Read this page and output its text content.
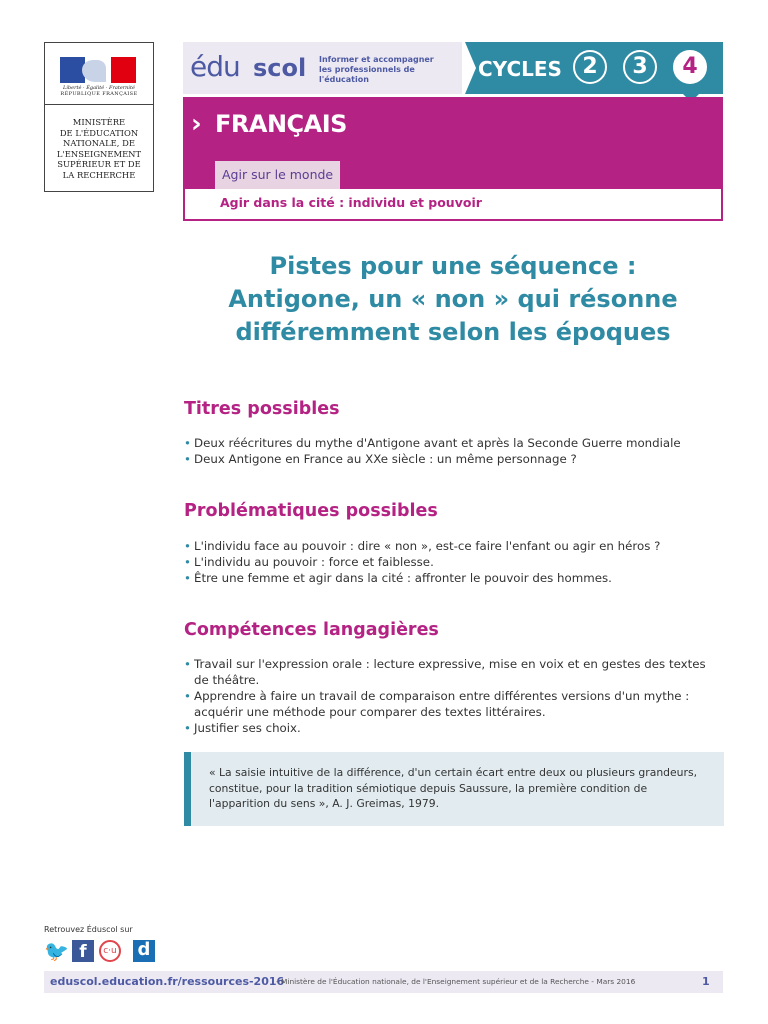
Liberté · Égalité · Fraternité
RÉPUBLIQUE FRANÇAISE
MINISTÈRE
DE L'ÉDUCATION
NATIONALE, DE
L'ENSEIGNEMENT
SUPÉRIEUR ET DE
LA RECHERCHE
édu scol Informer et accompagner
les professionnels de l'éducation	CYCLES 2	3	4
› FRANÇAIS
Agir sur le monde
Agir dans la cité : individu et pouvoir
Pistes pour une séquence :
Antigone, un « non » qui résonne
différemment selon les époques
Titres possibles
• Deux réécritures du mythe d'Antigone avant et après la Seconde Guerre mondiale
• Deux Antigone en France au XXe siècle : un même personnage ?
Problématiques possibles
• L'individu face au pouvoir : dire « non », est-ce faire l'enfant ou agir en héros ?
• L'individu au pouvoir : force et faiblesse.
• Être une femme et agir dans la cité : affronter le pouvoir des hommes.
Compétences langagières
• Travail sur l'expression orale : lecture expressive, mise en voix et en gestes des textes de théâtre.
• Apprendre à faire un travail de comparaison entre différentes versions d'un mythe : acquérir une méthode pour comparer des textes littéraires.
• Justifier ses choix.
« La saisie intuitive de la différence, d'un certain écart entre deux ou plusieurs grandeurs, constitue, pour la tradition sémiotique depuis Saussure, la première condition de l'apparition du sens », A. J. Greimas, 1979.
Retrouvez Éduscol sur
🐦 f	c·u d
eduscol.education.fr/ressources-2016
- Ministère de l'Éducation nationale, de l'Enseignement supérieur et de la Recherche - Mars 2016	1
